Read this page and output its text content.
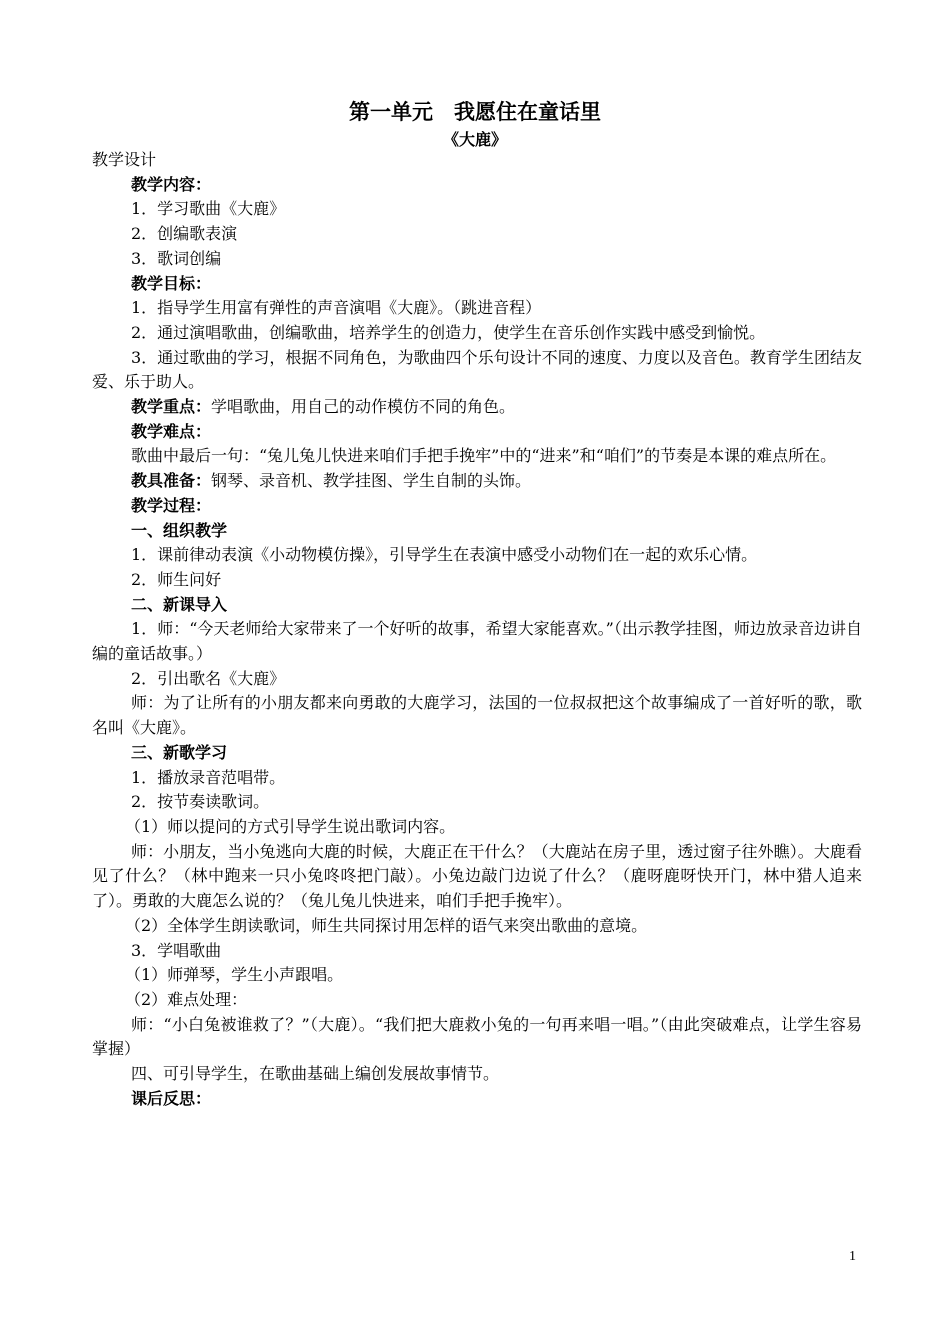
第一单元　我愿住在童话里
《大鹿》

教学设计

教学内容：

1．学习歌曲《大鹿》

2．创编歌表演

3．歌词创编

教学目标：

1．指导学生用富有弹性的声音演唱《大鹿》。（跳进音程）

2．通过演唱歌曲，创编歌曲，培养学生的创造力，使学生在音乐创作实践中感受到愉悦。

3．通过歌曲的学习，根据不同角色，为歌曲四个乐句设计不同的速度、力度以及音色。教育学生团结友爱、乐于助人。

教学重点：学唱歌曲，用自己的动作模仿不同的角色。

教学难点：

歌曲中最后一句：“兔儿兔儿快进来咱们手把手挽牢”中的“进来”和“咱们”的节奏是本课的难点所在。

教具准备：钢琴、录音机、教学挂图、学生自制的头饰。

教学过程：

一、组织教学

1．课前律动表演《小动物模仿操》，引导学生在表演中感受小动物们在一起的欢乐心情。

2．师生问好

二、新课导入

1．师：“今天老师给大家带来了一个好听的故事，希望大家能喜欢。”（出示教学挂图，师边放录音边讲自编的童话故事。）

2．引出歌名《大鹿》

师：为了让所有的小朋友都来向勇敢的大鹿学习，法国的一位叔叔把这个故事编成了一首好听的歌，歌名叫《大鹿》。

三、新歌学习

1．播放录音范唱带。

2．按节奏读歌词。

（1）师以提问的方式引导学生说出歌词内容。

师：小朋友，当小兔逃向大鹿的时候，大鹿正在干什么？（大鹿站在房子里，透过窗子往外瞧）。大鹿看见了什么？（林中跑来一只小兔咚咚把门敲）。小兔边敲门边说了什么？（鹿呀鹿呀快开门，林中猎人追来了）。勇敢的大鹿怎么说的？（兔儿兔儿快进来，咱们手把手挽牢）。

（2）全体学生朗读歌词，师生共同探讨用怎样的语气来突出歌曲的意境。

3．学唱歌曲

（1）师弹琴，学生小声跟唱。

（2）难点处理：

师：“小白兔被谁救了？”（大鹿）。“我们把大鹿救小兔的一句再来唱一唱。”（由此突破难点，让学生容易掌握）

四、可引导学生，在歌曲基础上编创发展故事情节。

课后反思：

1
